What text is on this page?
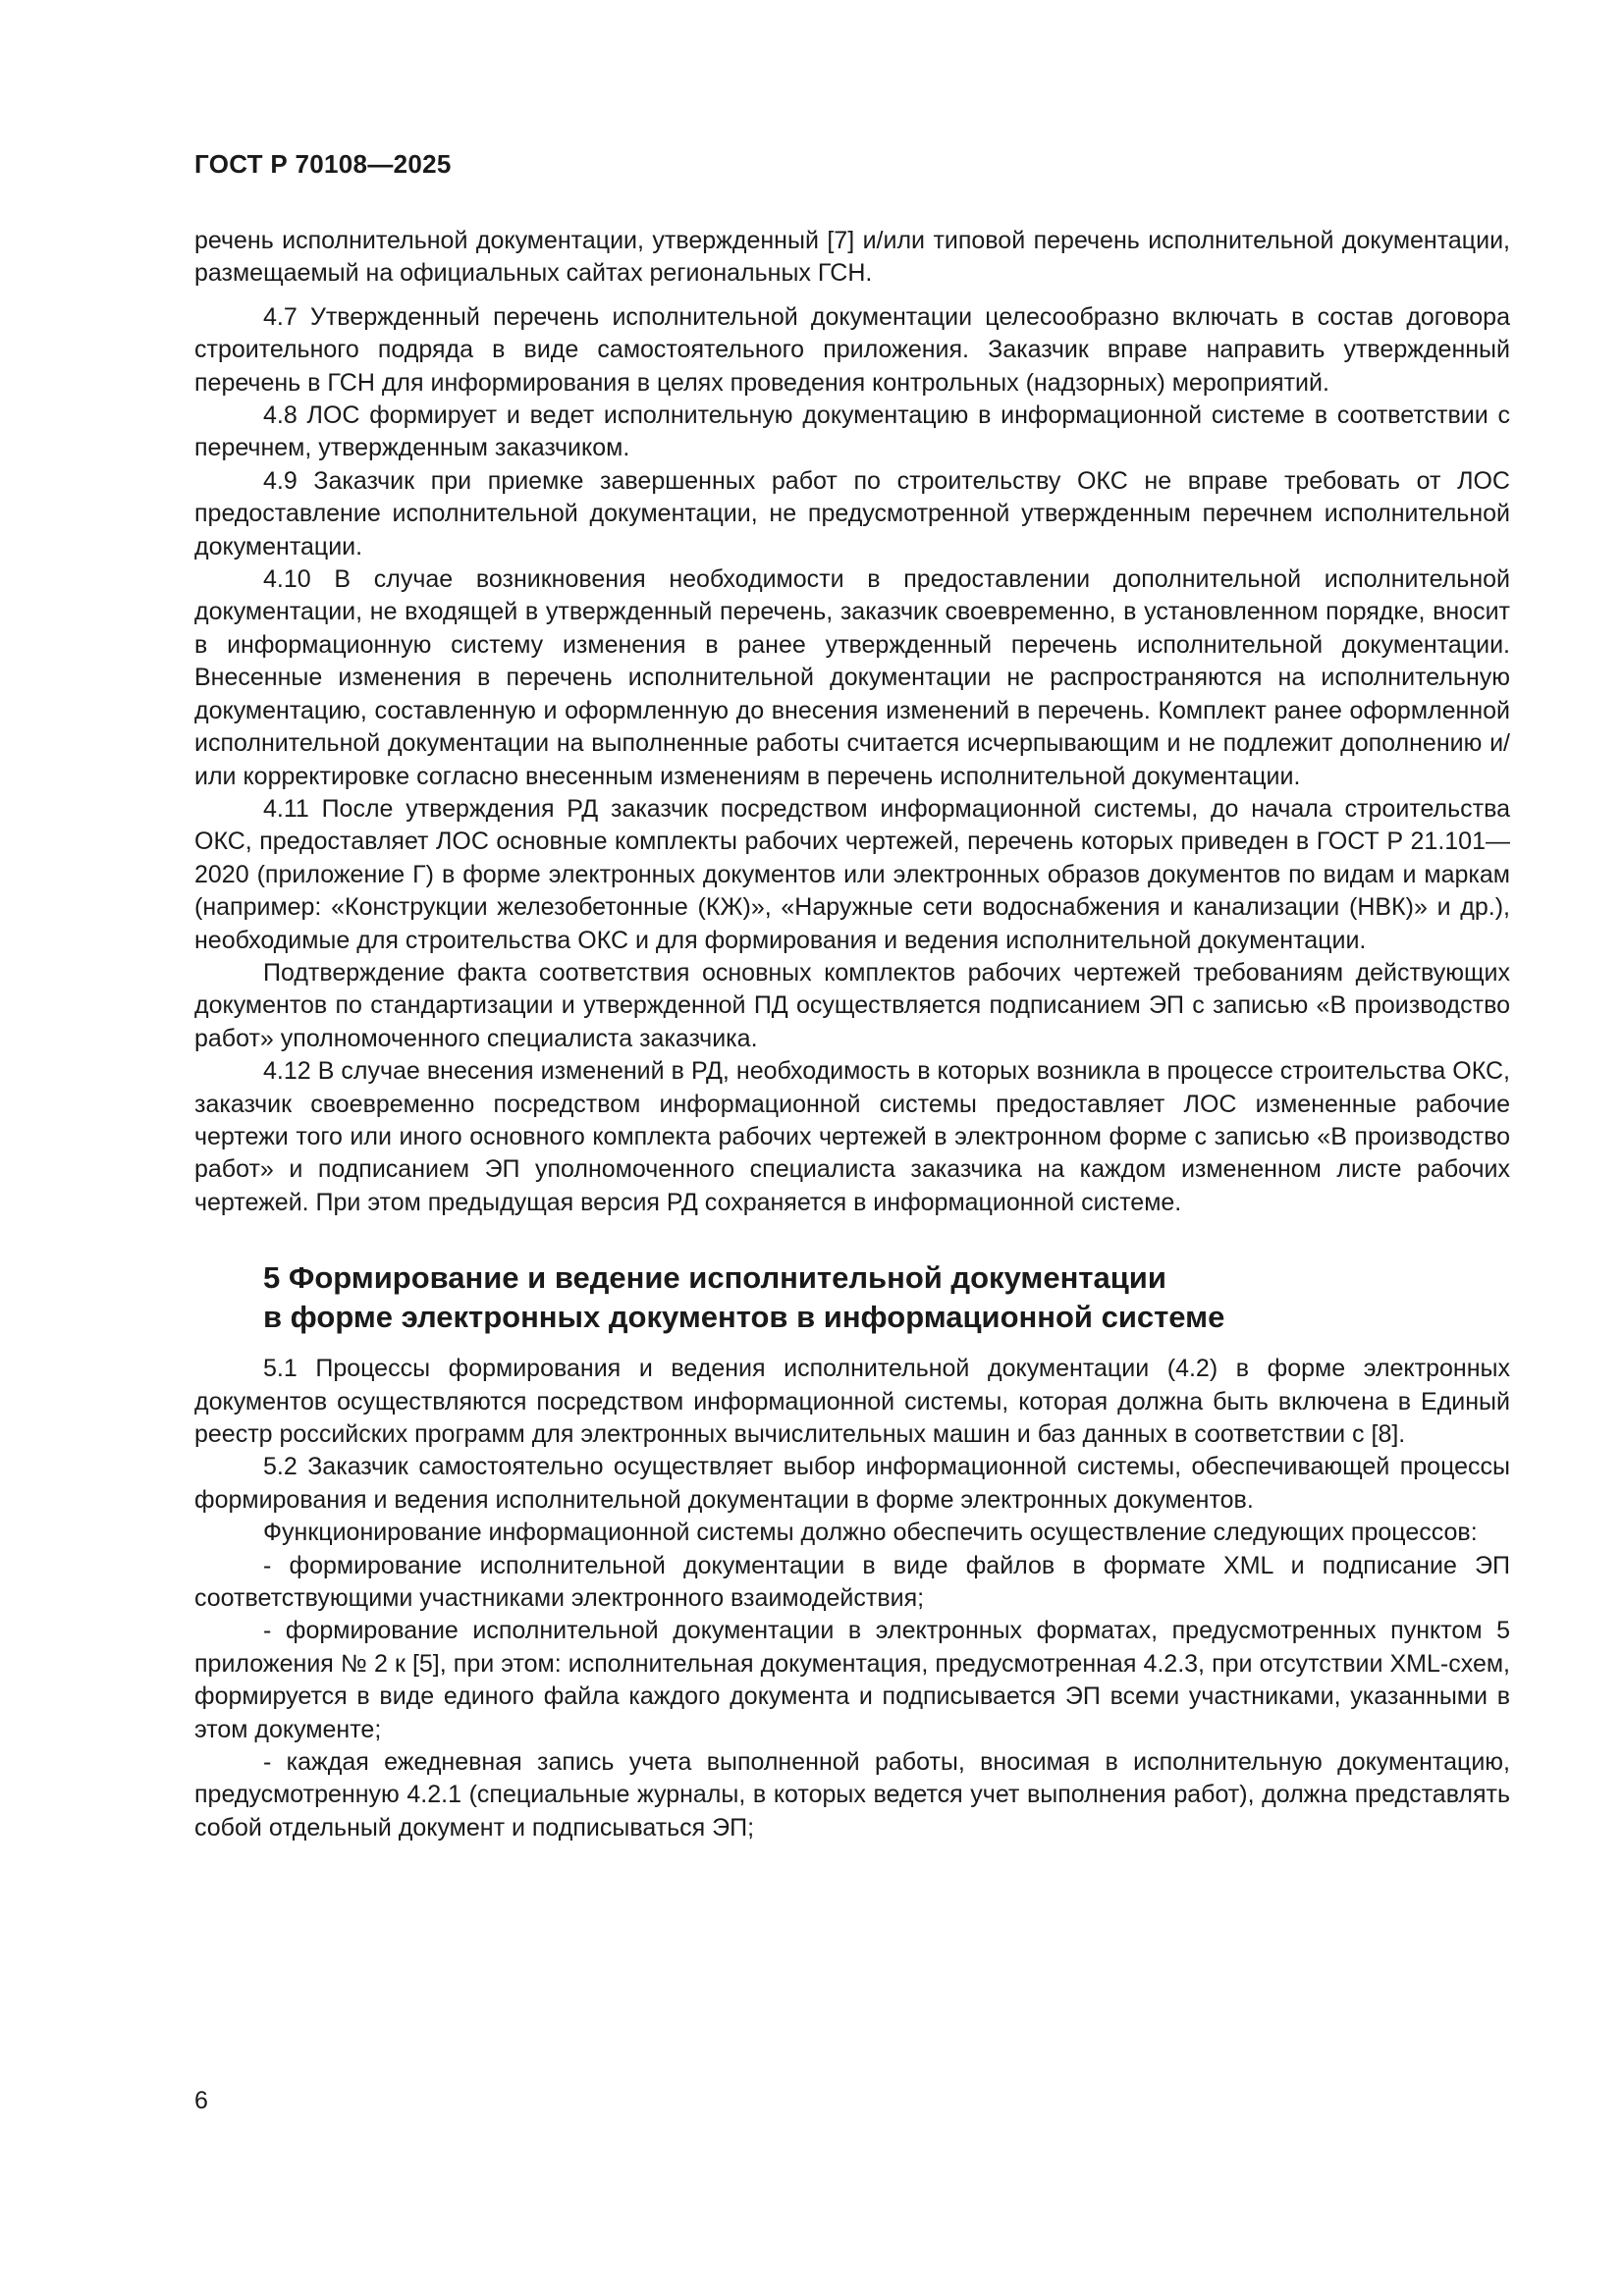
ГОСТ Р 70108—2025

речень исполнительной документации, утвержденный [7] и/или типовой перечень исполнительной документации, размещаемый на официальных сайтах региональных ГСН.

4.7 Утвержденный перечень исполнительной документации целесообразно включать в состав договора строительного подряда в виде самостоятельного приложения. Заказчик вправе направить утвержденный перечень в ГСН для информирования в целях проведения контрольных (надзорных) мероприятий.

4.8 ЛОС формирует и ведет исполнительную документацию в информационной системе в соответствии с перечнем, утвержденным заказчиком.

4.9 Заказчик при приемке завершенных работ по строительству ОКС не вправе требовать от ЛОС предоставление исполнительной документации, не предусмотренной утвержденным перечнем исполнительной документации.

4.10 В случае возникновения необходимости в предоставлении дополнительной исполнительной документации, не входящей в утвержденный перечень, заказчик своевременно, в установленном порядке, вносит в информационную систему изменения в ранее утвержденный перечень исполнительной документации. Внесенные изменения в перечень исполнительной документации не распространяются на исполнительную документацию, составленную и оформленную до внесения изменений в перечень. Комплект ранее оформленной исполнительной документации на выполненные работы считается исчерпывающим и не подлежит дополнению и/или корректировке согласно внесенным изменениям в перечень исполнительной документации.

4.11 После утверждения РД заказчик посредством информационной системы, до начала строительства ОКС, предоставляет ЛОС основные комплекты рабочих чертежей, перечень которых приведен в ГОСТ Р 21.101—2020 (приложение Г) в форме электронных документов или электронных образов документов по видам и маркам (например: «Конструкции железобетонные (КЖ)», «Наружные сети водоснабжения и канализации (НВК)» и др.), необходимые для строительства ОКС и для формирования и ведения исполнительной документации.

Подтверждение факта соответствия основных комплектов рабочих чертежей требованиям действующих документов по стандартизации и утвержденной ПД осуществляется подписанием ЭП с записью «В производство работ» уполномоченного специалиста заказчика.

4.12 В случае внесения изменений в РД, необходимость в которых возникла в процессе строительства ОКС, заказчик своевременно посредством информационной системы предоставляет ЛОС измененные рабочие чертежи того или иного основного комплекта рабочих чертежей в электронном форме с записью «В производство работ» и подписанием ЭП уполномоченного специалиста заказчика на каждом измененном листе рабочих чертежей. При этом предыдущая версия РД сохраняется в информационной системе.

5 Формирование и ведение исполнительной документации
в форме электронных документов в информационной системе

5.1 Процессы формирования и ведения исполнительной документации (4.2) в форме электронных документов осуществляются посредством информационной системы, которая должна быть включена в Единый реестр российских программ для электронных вычислительных машин и баз данных в соответствии с [8].

5.2 Заказчик самостоятельно осуществляет выбор информационной системы, обеспечивающей процессы формирования и ведения исполнительной документации в форме электронных документов.

Функционирование информационной системы должно обеспечить осуществление следующих процессов:

- формирование исполнительной документации в виде файлов в формате XML и подписание ЭП соответствующими участниками электронного взаимодействия;

- формирование исполнительной документации в электронных форматах, предусмотренных пунктом 5 приложения № 2 к [5], при этом: исполнительная документация, предусмотренная 4.2.3, при отсутствии XML-схем, формируется в виде единого файла каждого документа и подписывается ЭП всеми участниками, указанными в этом документе;

- каждая ежедневная запись учета выполненной работы, вносимая в исполнительную документацию, предусмотренную 4.2.1 (специальные журналы, в которых ведется учет выполнения работ), должна представлять собой отдельный документ и подписываться ЭП;

6
